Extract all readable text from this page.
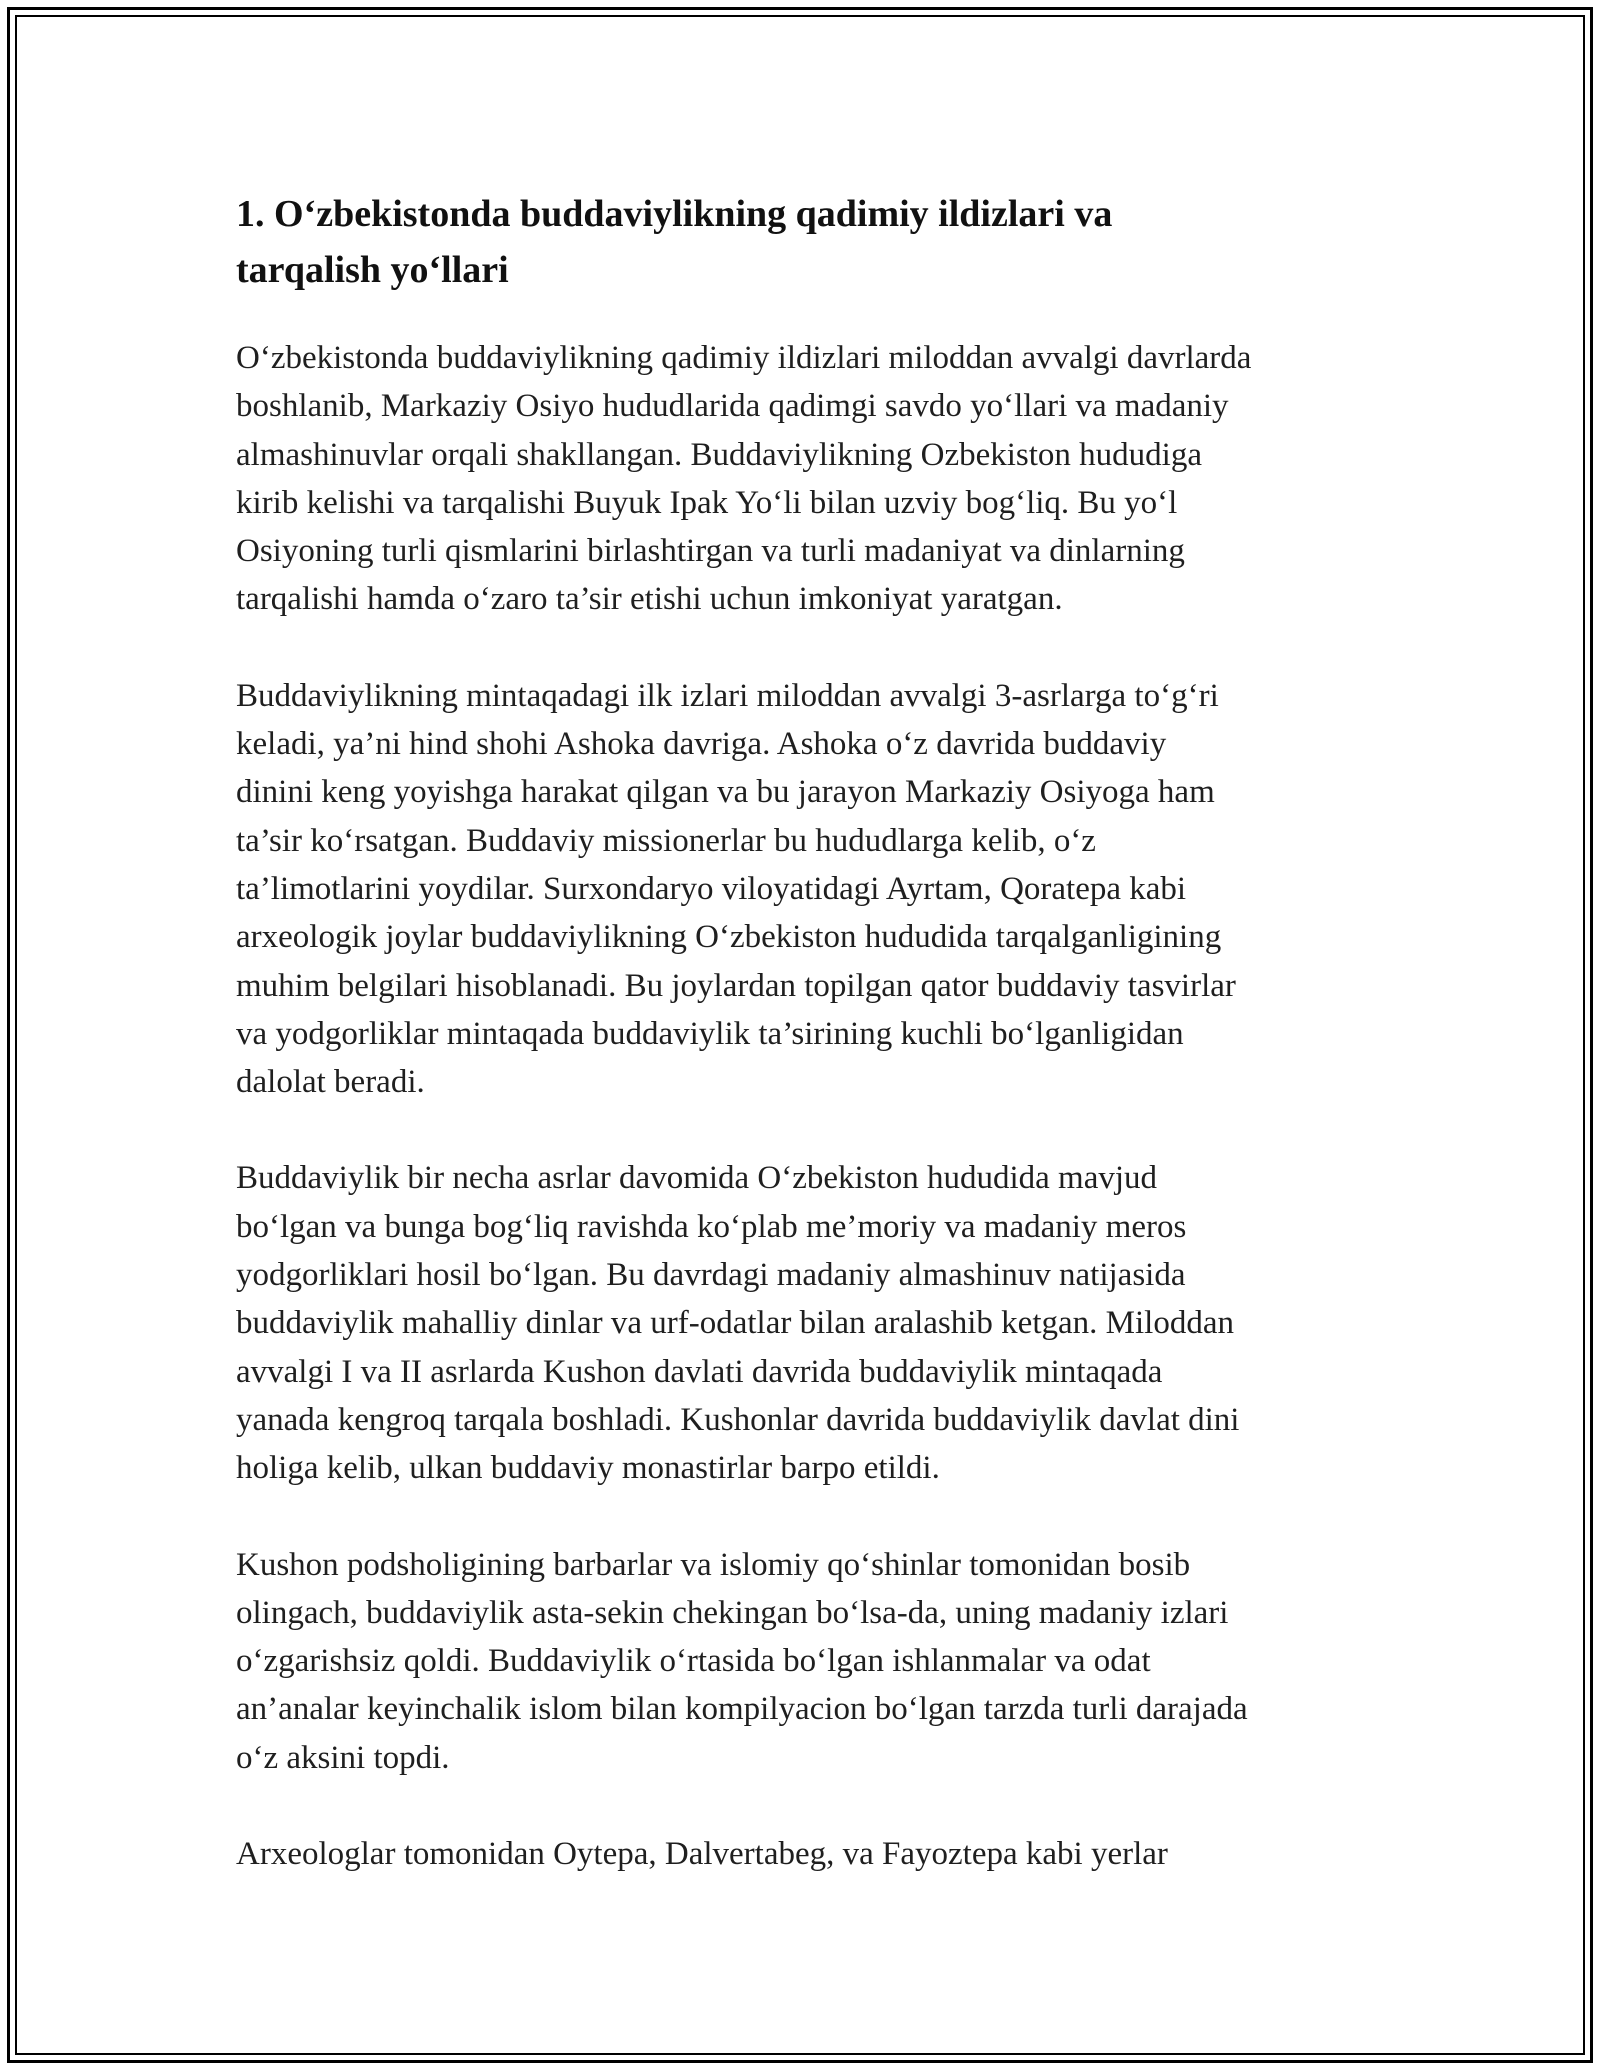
1. O‘zbekistonda buddaviylikning qadimiy ildizlari va
tarqalish yo‘llari

O‘zbekistonda buddaviylikning qadimiy ildizlari miloddan avvalgi davrlarda
boshlanib, Markaziy Osiyo hududlarida qadimgi savdo yo‘llari va madaniy
almashinuvlar orqali shakllangan. Buddaviylikning Ozbekiston hududiga
kirib kelishi va tarqalishi Buyuk Ipak Yo‘li bilan uzviy bog‘liq. Bu yo‘l
Osiyoning turli qismlarini birlashtirgan va turli madaniyat va dinlarning
tarqalishi hamda o‘zaro ta’sir etishi uchun imkoniyat yaratgan.

Buddaviylikning mintaqadagi ilk izlari miloddan avvalgi 3-asrlarga to‘g‘ri
keladi, ya’ni hind shohi Ashoka davriga. Ashoka o‘z davrida buddaviy
dinini keng yoyishga harakat qilgan va bu jarayon Markaziy Osiyoga ham
ta’sir ko‘rsatgan. Buddaviy missionerlar bu hududlarga kelib, o‘z
ta’limotlarini yoydilar. Surxondaryo viloyatidagi Ayrtam, Qoratepa kabi
arxeologik joylar buddaviylikning O‘zbekiston hududida tarqalganligining
muhim belgilari hisoblanadi. Bu joylardan topilgan qator buddaviy tasvirlar
va yodgorliklar mintaqada buddaviylik ta’sirining kuchli bo‘lganligidan
dalolat beradi.

Buddaviylik bir necha asrlar davomida O‘zbekiston hududida mavjud
bo‘lgan va bunga bog‘liq ravishda ko‘plab me’moriy va madaniy meros
yodgorliklari hosil bo‘lgan. Bu davrdagi madaniy almashinuv natijasida
buddaviylik mahalliy dinlar va urf-odatlar bilan aralashib ketgan. Miloddan
avvalgi I va II asrlarda Kushon davlati davrida buddaviylik mintaqada
yanada kengroq tarqala boshladi. Kushonlar davrida buddaviylik davlat dini
holiga kelib, ulkan buddaviy monastirlar barpo etildi.

Kushon podsholigining barbarlar va islomiy qo‘shinlar tomonidan bosib
olingach, buddaviylik asta-sekin chekingan bo‘lsa-da, uning madaniy izlari
o‘zgarishsiz qoldi. Buddaviylik o‘rtasida bo‘lgan ishlanmalar va odat
an’analar keyinchalik islom bilan kompilyacion bo‘lgan tarzda turli darajada
o‘z aksini topdi.

Arxeologlar tomonidan Oytepa, Dalvertabeg, va Fayoztepa kabi yerlar
